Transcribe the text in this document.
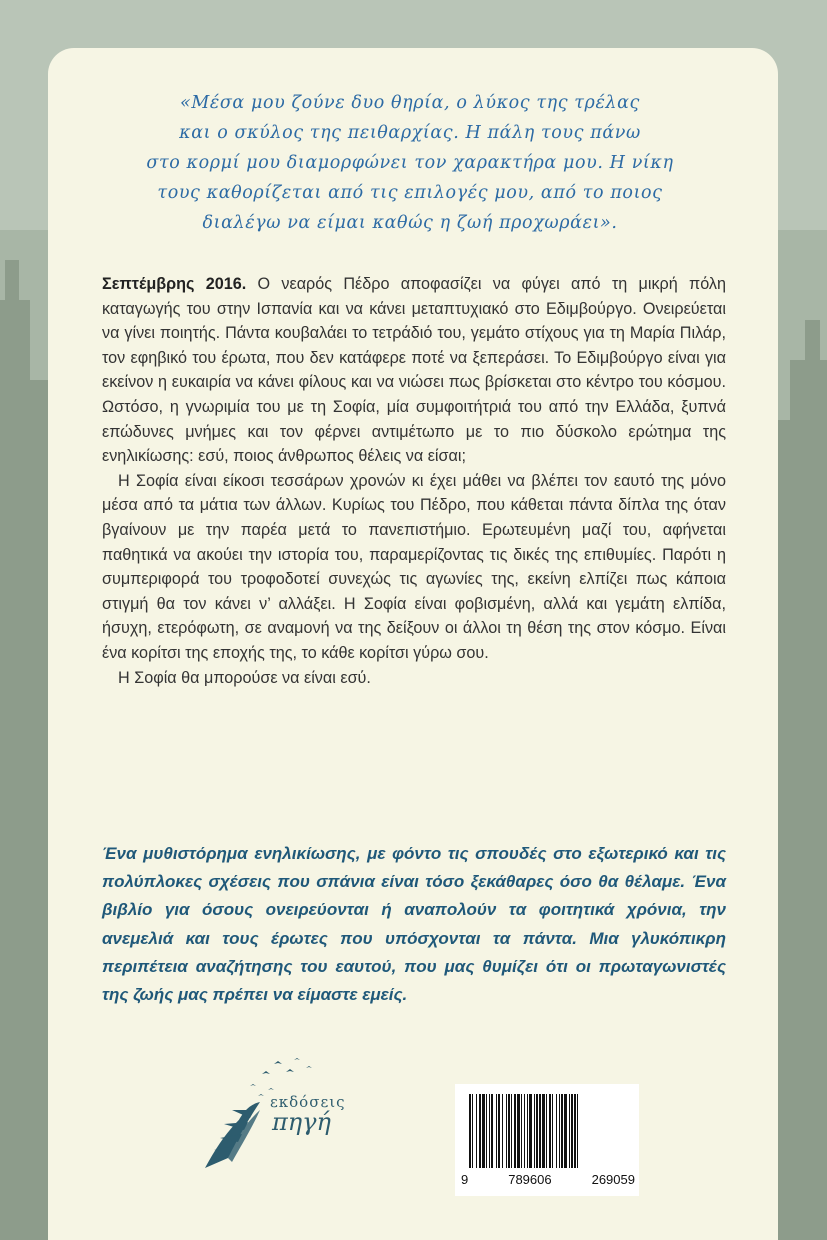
«Μέσα μου ζούνε δυο θηρία, ο λύκος της τρέλας
και ο σκύλος της πειθαρχίας. Η πάλη τους πάνω
στο κορμί μου διαμορφώνει τον χαρακτήρα μου. Η νίκη
τους καθορίζεται από τις επιλογές μου, από το ποιος
διαλέγω να είμαι καθώς η ζωή προχωράει».

Σεπτέμβρης 2016. Ο νεαρός Πέδρο αποφασίζει να φύγει από τη μικρή πόλη καταγωγής του στην Ισπανία και να κάνει μεταπτυχιακό στο Εδιμβούργο. Ονειρεύεται να γίνει ποιητής. Πάντα κουβαλάει το τετράδιό του, γεμάτο στίχους για τη Μαρία Πιλάρ, τον εφηβικό του έρωτα, που δεν κατάφερε ποτέ να ξεπεράσει. Το Εδιμβούργο είναι για εκείνον η ευκαιρία να κάνει φίλους και να νιώσει πως βρίσκεται στο κέντρο του κόσμου. Ωστόσο, η γνωριμία του με τη Σοφία, μία συμφοιτήτριά του από την Ελλάδα, ξυπνά επώδυνες μνήμες και τον φέρνει αντιμέτωπο με το πιο δύσκολο ερώτημα της ενηλικίωσης: εσύ, ποιος άνθρωπος θέλεις να είσαι;

Η Σοφία είναι είκοσι τεσσάρων χρονών κι έχει μάθει να βλέπει τον εαυτό της μόνο μέσα από τα μάτια των άλλων. Κυρίως του Πέδρο, που κάθεται πάντα δίπλα της όταν βγαίνουν με την παρέα μετά το πανεπιστήμιο. Ερωτευμένη μαζί του, αφήνεται παθητικά να ακούει την ιστορία του, παραμερίζοντας τις δικές της επιθυμίες. Παρότι η συμπεριφορά του τροφοδοτεί συνεχώς τις αγωνίες της, εκείνη ελπίζει πως κάποια στιγμή θα τον κάνει ν’ αλλάξει. Η Σοφία είναι φοβισμένη, αλλά και γεμάτη ελπίδα, ήσυχη, ετερόφωτη, σε αναμονή να της δείξουν οι άλλοι τη θέση της στον κόσμο. Είναι ένα κορίτσι της εποχής της, το κάθε κορίτσι γύρω σου.

Η Σοφία θα μπορούσε να είναι εσύ.

Ένα μυθιστόρημα ενηλικίωσης, με φόντο τις σπουδές στο εξωτερικό και τις πολύπλοκες σχέσεις που σπάνια είναι τόσο ξεκάθαρες όσο θα θέλαμε. Ένα βιβλίο για όσους ονειρεύονται ή αναπολούν τα φοιτητικά χρόνια, την ανεμελιά και τους έρωτες που υπόσχονται τα πάντα. Μια γλυκόπικρη περιπέτεια αναζήτησης του εαυτού, που μας θυμίζει ότι οι πρωταγωνιστές της ζωής μας πρέπει να είμαστε εμείς.
εκδόσεις
πηγή
9	789606	269059
